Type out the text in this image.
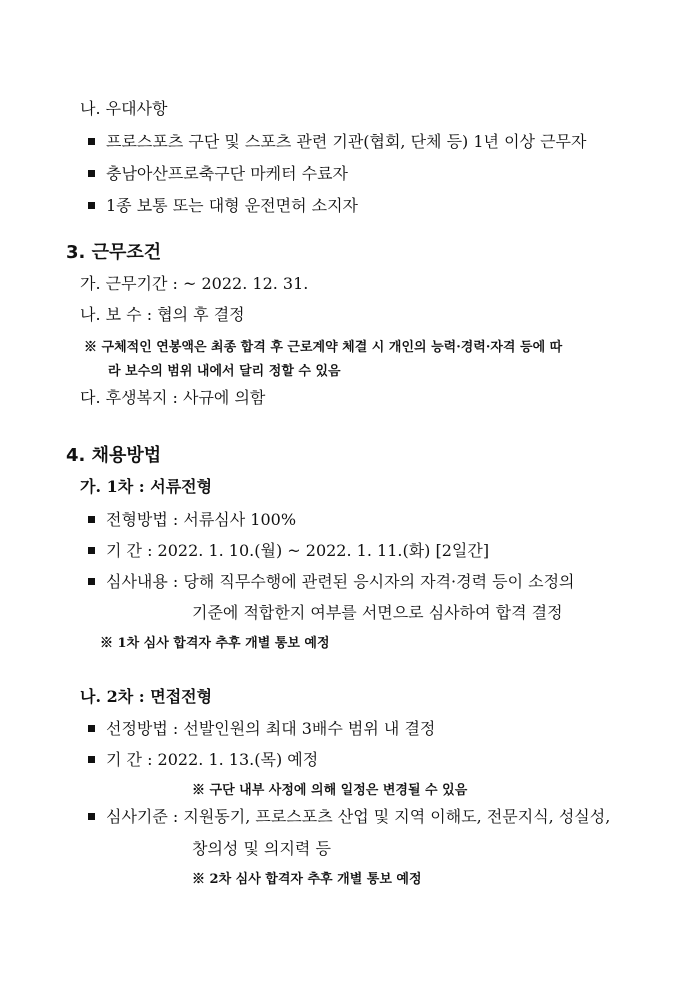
나. 우대사항
프로스포츠 구단 및 스포츠 관련 기관(협회, 단체 등) 1년 이상 근무자
충남아산프로축구단 마케터 수료자
1종 보통 또는 대형 운전면허 소지자
3. 근무조건
가. 근무기간 : ~ 2022. 12. 31.
나. 보 수 : 협의 후 결정
※ 구체적인 연봉액은 최종 합격 후 근로계약 체결 시 개인의 능력·경력·자격 등에 따
라 보수의 범위 내에서 달리 정할 수 있음
다. 후생복지 : 사규에 의함
4. 채용방법
가. 1차 : 서류전형
전형방법 : 서류심사 100%
기 간 : 2022. 1. 10.(월) ~ 2022. 1. 11.(화) [2일간]
심사내용 : 당해 직무수행에 관련된 응시자의 자격·경력 등이 소정의
기준에 적합한지 여부를 서면으로 심사하여 합격 결정
※ 1차 심사 합격자 추후 개별 통보 예정
나. 2차 : 면접전형
선정방법 : 선발인원의 최대 3배수 범위 내 결정
기 간 : 2022. 1. 13.(목) 예정
※ 구단 내부 사정에 의해 일정은 변경될 수 있음
심사기준 : 지원동기, 프로스포츠 산업 및 지역 이해도, 전문지식, 성실성,
창의성 및 의지력 등
※ 2차 심사 합격자 추후 개별 통보 예정
